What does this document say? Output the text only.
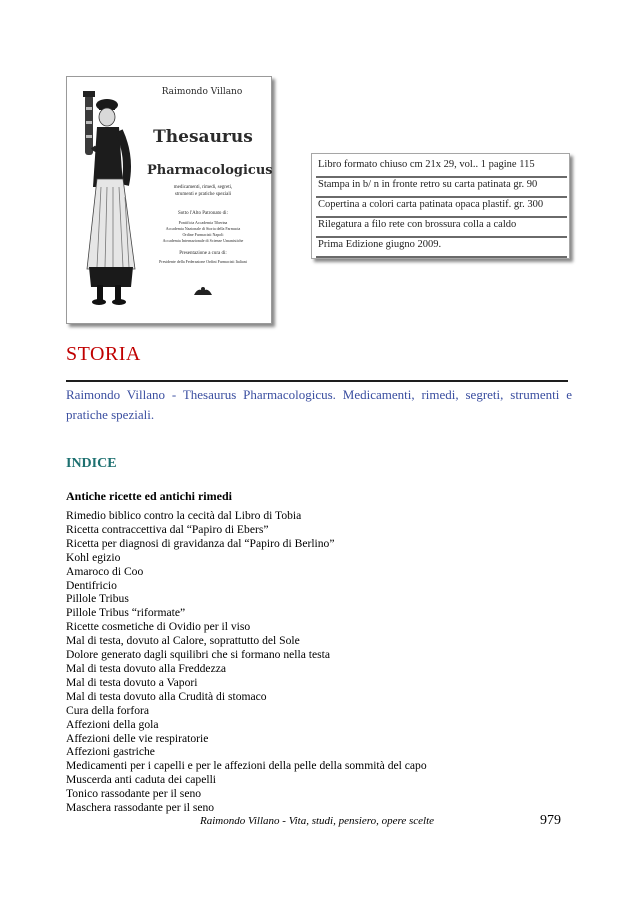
Raimondo Villano
Thesaurus
Pharmacologicus
medicamenti, rimedi, segreti,
strumenti e pratiche speziali
Sotto l'Alto Patronato di:
Pontificia Accademia Tiberina
Accademia Nazionale di Storia della Farmacia
Ordine Farmacisti Napoli
Accademia Internazionale di Scienze Umanistiche
Presentazione a cura di:
Presidente della Federazione Ordini Farmacisti Italiani
Libro formato chiuso cm 21x 29, vol.. 1 pagine 115
Stampa in b/ n in fronte retro su carta patinata gr. 90
Copertina a colori carta patinata opaca plastif. gr. 300
Rilegatura a filo rete con brossura colla a caldo
Prima Edizione giugno 2009.
STORIA
Raimondo Villano - Thesaurus Pharmacologicus. Medicamenti, rimedi, segreti, strumenti e pratiche speziali.
INDICE
Antiche ricette ed antichi rimedi
Rimedio biblico contro la cecità dal Libro di Tobia
Ricetta contraccettiva dal “Papiro di Ebers”
Ricetta per diagnosi di gravidanza dal “Papiro di Berlino”
Kohl egizio
Amaroco di Coo
Dentifricio
Pillole Tribus
Pillole Tribus “riformate”
Ricette cosmetiche di Ovidio per il viso
Mal di testa, dovuto al Calore, soprattutto del Sole
Dolore generato dagli squilibri che si formano nella testa
Mal di testa dovuto alla Freddezza
Mal di testa dovuto a Vapori
Mal di testa dovuto alla Crudità di stomaco
Cura della forfora
Affezioni della gola
Affezioni delle vie respiratorie
Affezioni gastriche
Medicamenti per i capelli e per le affezioni della pelle della sommità del capo
Muscerda anti caduta dei capelli
Tonico rassodante per il seno
Maschera rassodante per il seno
Raimondo Villano - Vita, studi, pensiero, opere scelte	979
